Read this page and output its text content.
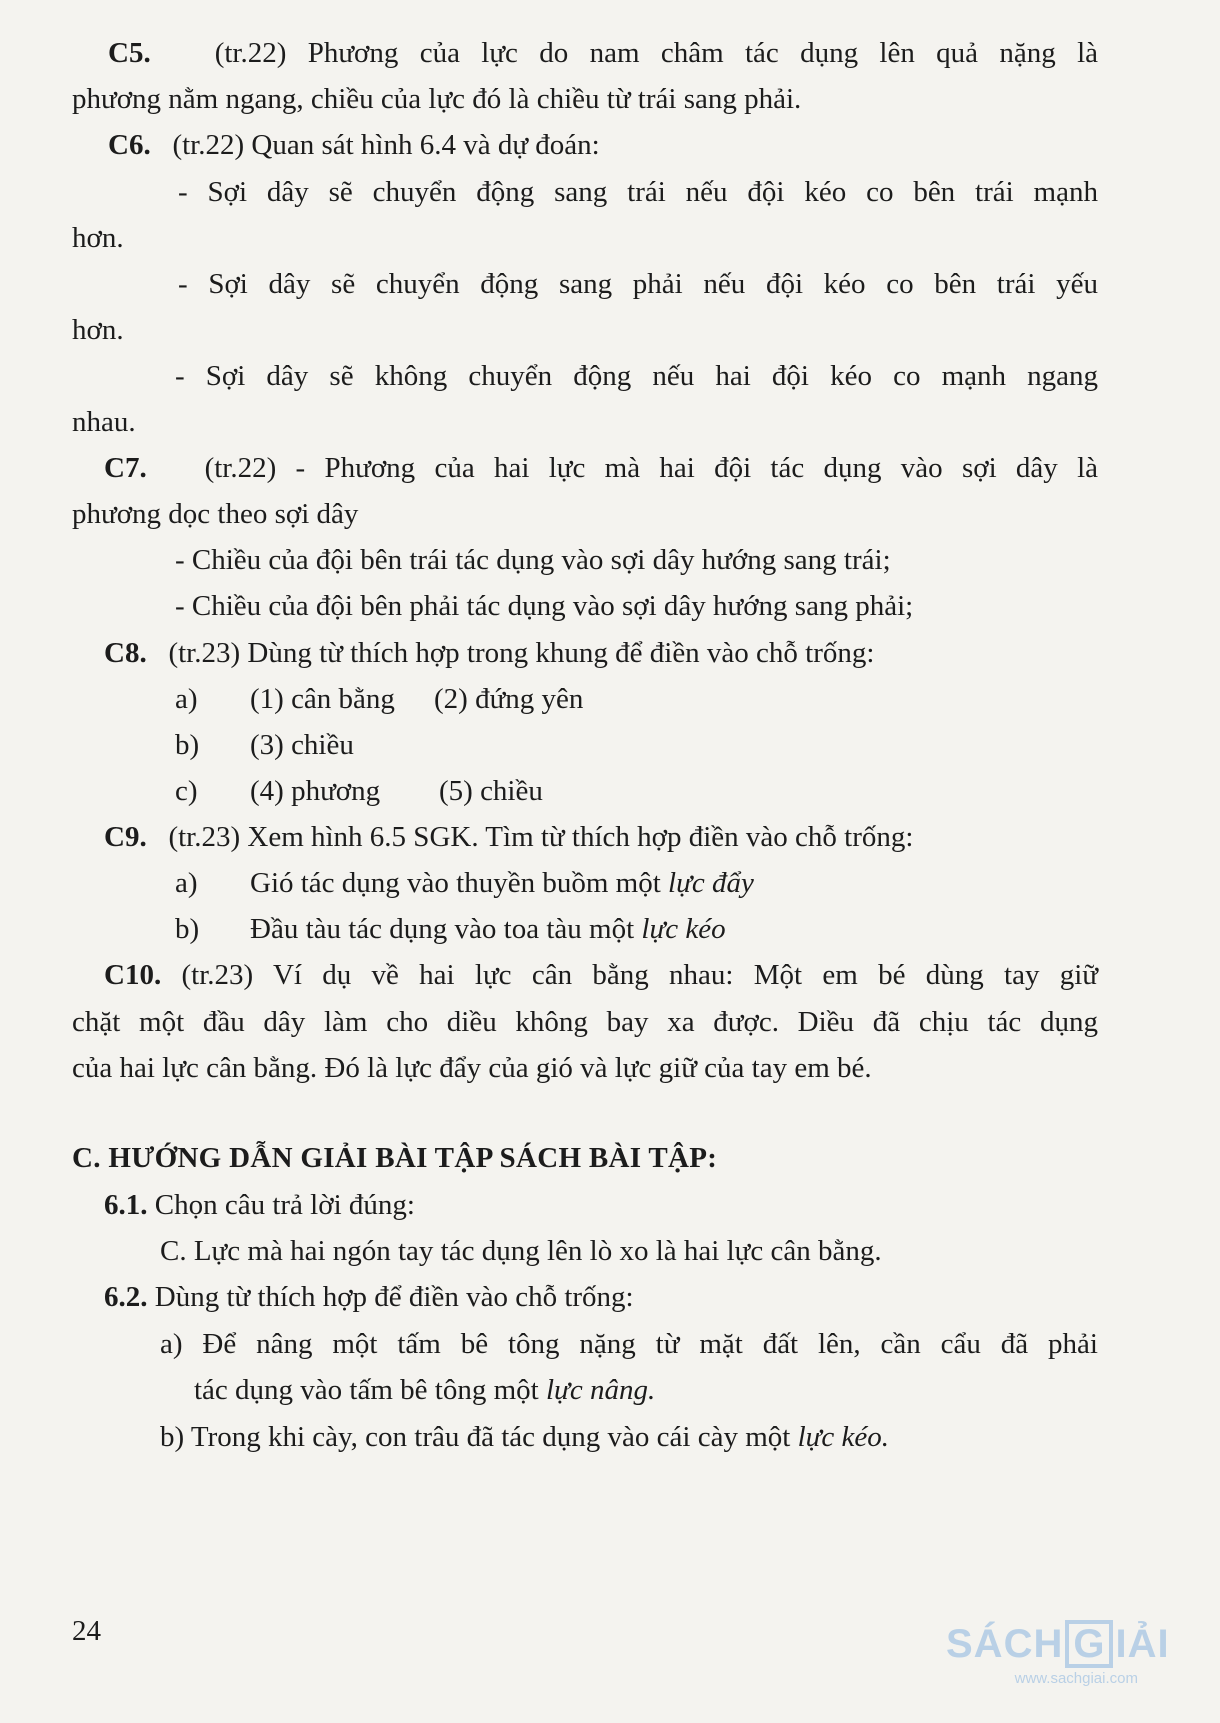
C5. (tr.22) Phương của lực do nam châm tác dụng lên quả nặng là
phương nằm ngang, chiều của lực đó là chiều từ trái sang phải.
C6. (tr.22) Quan sát hình 6.4 và dự đoán:
- Sợi dây sẽ chuyển động sang trái nếu đội kéo co bên trái mạnh
hơn.
- Sợi dây sẽ chuyển động sang phải nếu đội kéo co bên trái yếu
hơn.
- Sợi dây sẽ không chuyển động nếu hai đội kéo co mạnh ngang
nhau.
C7. (tr.22) - Phương của hai lực mà hai đội tác dụng vào sợi dây là
phương dọc theo sợi dây
- Chiều của đội bên trái tác dụng vào sợi dây hướng sang trái;
- Chiều của đội bên phải tác dụng vào sợi dây hướng sang phải;
C8. (tr.23) Dùng từ thích hợp trong khung để điền vào chỗ trống:
a) (1) cân bằng (2) đứng yên
b) (3) chiều
c) (4) phương (5) chiều
C9. (tr.23) Xem hình 6.5 SGK. Tìm từ thích hợp điền vào chỗ trống:
a) Gió tác dụng vào thuyền buồm một lực đẩy
b) Đầu tàu tác dụng vào toa tàu một lực kéo
C10. (tr.23) Ví dụ về hai lực cân bằng nhau: Một em bé dùng tay giữ
chặt một đầu dây làm cho diều không bay xa được. Diều đã chịu tác dụng
của hai lực cân bằng. Đó là lực đẩy của gió và lực giữ của tay em bé.
C. HƯỚNG DẪN GIẢI BÀI TẬP SÁCH BÀI TẬP:
6.1. Chọn câu trả lời đúng:
C. Lực mà hai ngón tay tác dụng lên lò xo là hai lực cân bằng.
6.2. Dùng từ thích hợp để điền vào chỗ trống:
a) Để nâng một tấm bê tông nặng từ mặt đất lên, cần cẩu đã phải
tác dụng vào tấm bê tông một lực nâng.
b) Trong khi cày, con trâu đã tác dụng vào cái cày một lực kéo.
24	SÁCH G IẢI
www.sachgiai.com
